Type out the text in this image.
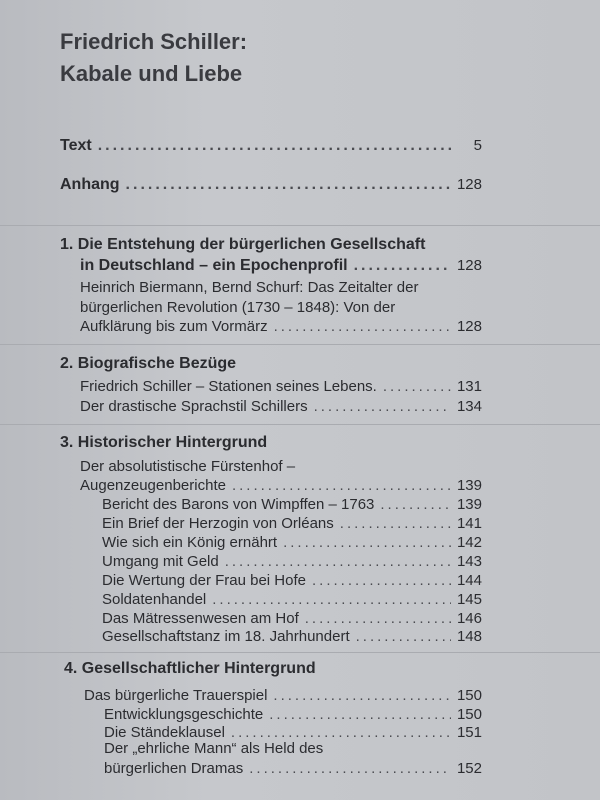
Friedrich Schiller:
Kabale und Liebe
Text .....	5
Anhang .....	128
1. Die Entstehung der bürgerlichen Gesellschaft
in Deutschland – ein Epochenprofil .....	128
Heinrich Biermann, Bernd Schurf: Das Zeitalter der
bürgerlichen Revolution (1730 – 1848): Von der
Aufklärung bis zum Vormärz .....	128
2. Biografische Bezüge
Friedrich Schiller – Stationen seines Lebens. .....	131
Der drastische Sprachstil Schillers .....	134
3. Historischer Hintergrund
Der absolutistische Fürstenhof –
Augenzeugenberichte .....	139
Bericht des Barons von Wimpffen – 1763 .....	139
Ein Brief der Herzogin von Orléans .....	141
Wie sich ein König ernährt .....	142
Umgang mit Geld .....	143
Die Wertung der Frau bei Hofe .....	144
Soldatenhandel .....	145
Das Mätressenwesen am Hof .....	146
Gesellschaftstanz im 18. Jahrhundert .....	148
4. Gesellschaftlicher Hintergrund
Das bürgerliche Trauerspiel .....	150
Entwicklungsgeschichte .....	150
Die Ständeklausel .....	151
Der „ehrliche Mann“ als Held des
bürgerlichen Dramas .....	152
